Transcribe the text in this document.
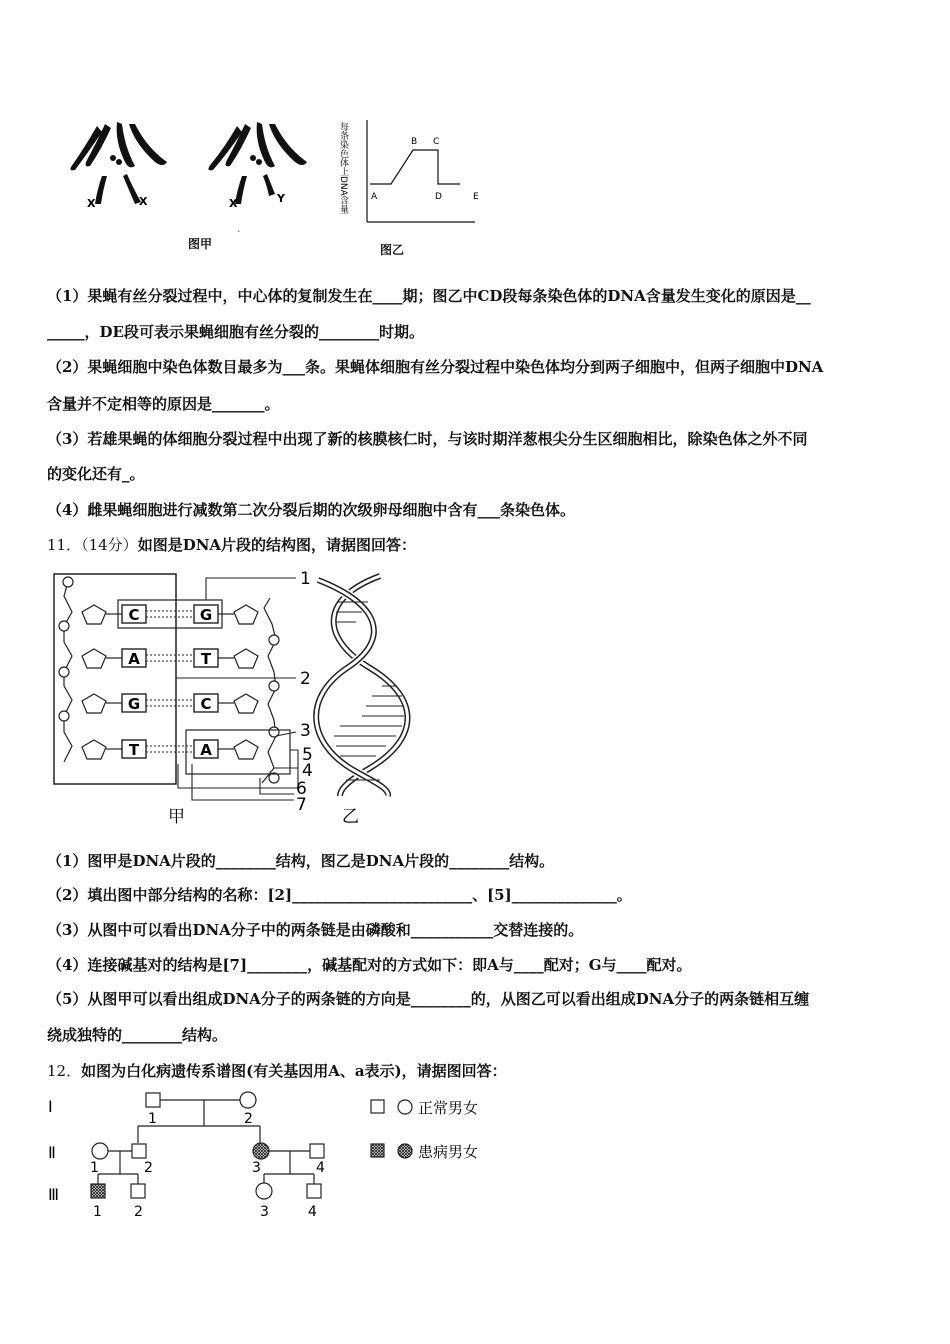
X	X	X	Y
ˋ
每条染色体上DNA含量	A
B C
D	E
图甲	图乙
（1）果蝇有丝分裂过程中，中心体的复制发生在____期；图乙中CD段每条染色体的DNA含量发生变化的原因是__
_____，DE段可表示果蝇细胞有丝分裂的________时期。
（2）果蝇细胞中染色体数目最多为___条。果蝇体细胞有丝分裂过程中染色体均分到两子细胞中，但两子细胞中DNA
含量并不定相等的原因是_______。
（3）若雄果蝇的体细胞分裂过程中出现了新的核膜核仁时，与该时期洋葱根尖分生区细胞相比，除染色体之外不同
的变化还有_。
（4）雌果蝇细胞进行减数第二次分裂后期的次级卵母细胞中含有___条染色体。
11．（14分）如图是DNA片段的结构图，请据图回答：
C
A
G
T
G
T
C
A
1
2
3
4
5
6
7
甲	乙
（1）图甲是DNA片段的________结构，图乙是DNA片段的________结构。
（2）填出图中部分结构的名称：[2]________________________、[5]______________。
（3）从图中可以看出DNA分子中的两条链是由磷酸和___________交替连接的。
（4）连接碱基对的结构是[7]________，碱基配对的方式如下：即A与____配对；G与____配对。
（5）从图甲可以看出组成DNA分子的两条链的方向是________的，从图乙可以看出组成DNA分子的两条链相互缠
绕成独特的________结构。
12．如图为白化病遗传系谱图(有关基因用A、a表示)，请据图回答：
Ⅰ
Ⅱ
Ⅲ
1	2
1	2	3	4
1 2	3	4
正常男女
患病男女
